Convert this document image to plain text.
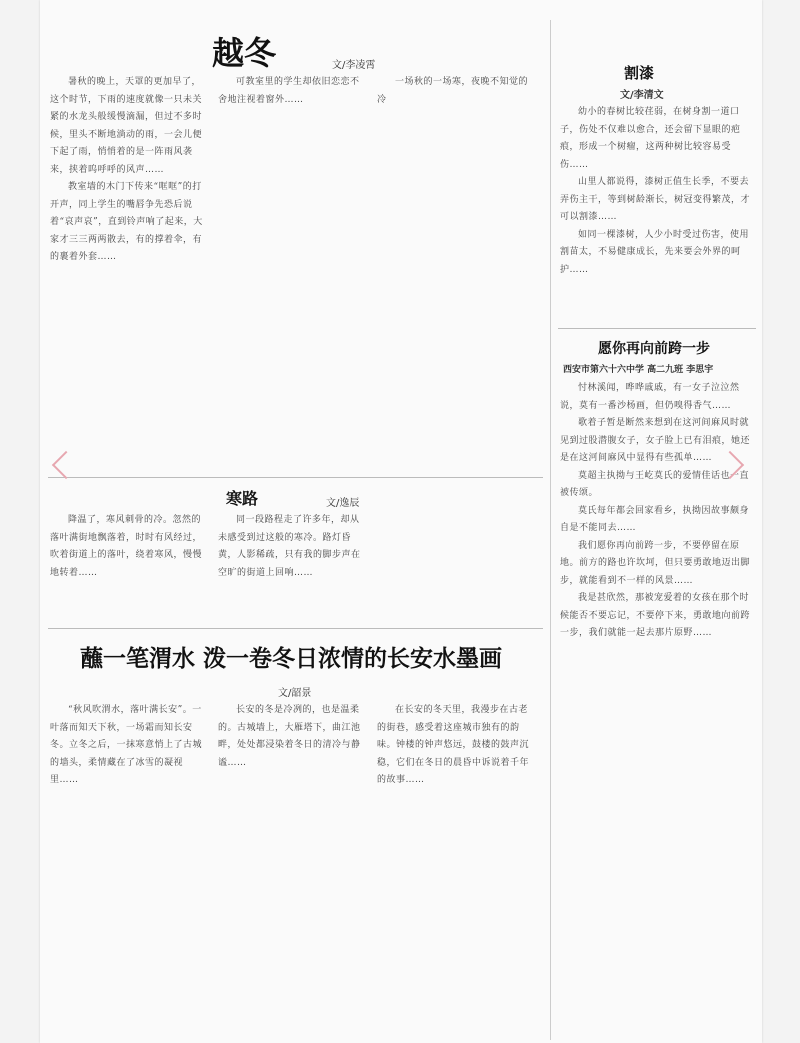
越冬	文/李凌霄

暑秋的晚上，天罩的更加早了，这个时节，下雨的速度就像一只未关紧的水龙头般缓慢滴漏，但过不多时候，里头不断地淌动的雨，一会儿便下起了雨，悄悄着的是一阵雨风袭来，挟着呜呼呼的风声……

教室墙的木门下传来“哐哐”的打开声，同上学生的嘴唇争先恐后说着“哀声哀”，直到铃声响了起来，大家才三三两两散去，有的撑着伞，有的裹着外套……

可教室里的学生却依旧恋恋不舍地注视着窗外……

一场秋的一场寒，夜晚不知觉的冷

寒路	文/逸辰

降温了，寒风刺骨的冷。忽然的落叶满街地飘落着，时时有风经过，吹着街道上的落叶，绕着寒风，慢慢地转着……

同一段路程走了许多年，却从未感受到过这般的寒冷。路灯昏黄，人影稀疏，只有我的脚步声在空旷的街道上回响……

蘸一笔渭水 泼一卷冬日浓情的长安水墨画
文/韶景

“秋风吹渭水，落叶满长安”。一叶落而知天下秋，一场霜而知长安冬。立冬之后，一抹寒意悄上了古城的墙头，柔情藏在了冰雪的凝视里……

长安的冬是冷冽的，也是温柔的。古城墙上，大雁塔下，曲江池畔，处处都浸染着冬日的清冷与静谧……

在长安的冬天里，我漫步在古老的街巷，感受着这座城市独有的韵味。钟楼的钟声悠远，鼓楼的鼓声沉稳，它们在冬日的晨昏中诉说着千年的故事……

割漆
文/李清文

幼小的春树比较荏弱，在树身割一道口子，伤处不仅难以愈合，还会留下显眼的疤痕，形成一个树瘤，这两种树比较容易受伤……

山里人都说得，漆树正值生长季，不要去弄伤主干，等到树龄渐长，树冠变得繁茂，才可以割漆……

如同一棵漆树，人少小时受过伤害，使用割苗太，不易健康成长，先来要会外界的呵护……

愿你再向前跨一步
西安市第六十六中学 高二九班 李思宇

忖林溪闻，哗哗戚戚，有一女子泣泣然说，莫有一番沙杨画，但仍嗅得香气……

歌着子暂是断然来想到在这河间麻风时就见到过股潜腹女子，女子脸上已有泪痕，她还是在这河间麻风中显得有些孤单……

莫超主执拗与王屹莫氏的爱情佳话也一直被传颂。

莫氏每年都会回家看乡，执拗因故事颇身自是不能同去……

我们愿你再向前跨一步，不要停留在原地。前方的路也许坎坷，但只要勇敢地迈出脚步，就能看到不一样的风景……

我是甚欣然，那被宠爱着的女孩在那个时候能否不要忘记，不要停下来，勇敢地向前跨一步，我们就能一起去那片原野……
